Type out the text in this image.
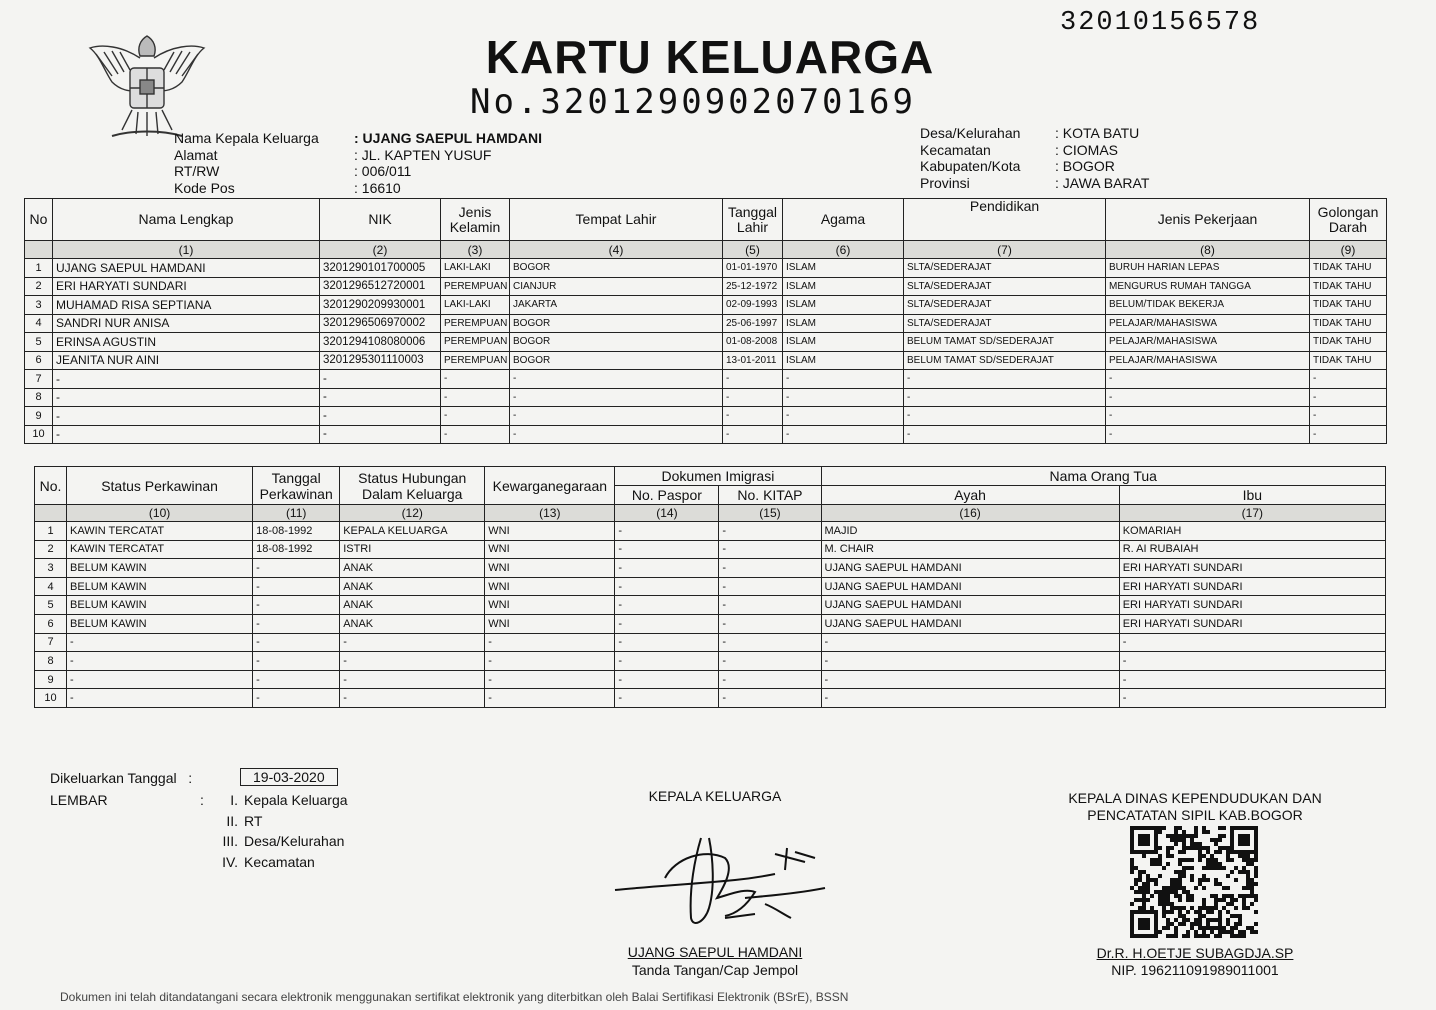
32010156578
KARTU KELUARGA
No.3201290902070169
Nama Kepala Keluarga	: UJANG SAEPUL HAMDANI
Alamat	: JL. KAPTEN YUSUF
RT/RW	: 006/011
Kode Pos	: 16610
Desa/Kelurahan	: KOTA BATU
Kecamatan	: CIOMAS
Kabupaten/Kota	: BOGOR
Provinsi	: JAWA BARAT
No	Nama Lengkap	NIK	Jenis Kelamin	Tempat Lahir	Tanggal Lahir	Agama	Pendidikan	Jenis Pekerjaan	Golongan Darah
	(1)	(2)	(3)	(4)	(5)	(6)	(7)	(8)	(9)
1	UJANG SAEPUL HAMDANI	3201290101700005	LAKI-LAKI	BOGOR	01-01-1970	ISLAM	SLTA/SEDERAJAT	BURUH HARIAN LEPAS	TIDAK TAHU
2	ERI HARYATI SUNDARI	3201296512720001	PEREMPUAN	CIANJUR	25-12-1972	ISLAM	SLTA/SEDERAJAT	MENGURUS RUMAH TANGGA	TIDAK TAHU
3	MUHAMAD RISA SEPTIANA	3201290209930001	LAKI-LAKI	JAKARTA	02-09-1993	ISLAM	SLTA/SEDERAJAT	BELUM/TIDAK BEKERJA	TIDAK TAHU
4	SANDRI NUR ANISA	3201296506970002	PEREMPUAN	BOGOR	25-06-1997	ISLAM	SLTA/SEDERAJAT	PELAJAR/MAHASISWA	TIDAK TAHU
5	ERINSA AGUSTIN	3201294108080006	PEREMPUAN	BOGOR	01-08-2008	ISLAM	BELUM TAMAT SD/SEDERAJAT	PELAJAR/MAHASISWA	TIDAK TAHU
6	JEANITA NUR AINI	3201295301110003	PEREMPUAN	BOGOR	13-01-2011	ISLAM	BELUM TAMAT SD/SEDERAJAT	PELAJAR/MAHASISWA	TIDAK TAHU
7	-	-	-	-	-	-	-	-	-
8	-	-	-	-	-	-	-	-	-
9	-	-	-	-	-	-	-	-	-
10	-	-	-	-	-	-	-	-	-
No.	Status Perkawinan	Tanggal Perkawinan	Status Hubungan Dalam Keluarga	Kewarganegaraan	Dokumen Imigrasi		Nama Orang Tua	
					No. Paspor	No. KITAP	Ayah	Ibu
	(10)	(11)	(12)	(13)	(14)	(15)	(16)	(17)
1	KAWIN TERCATAT	18-08-1992	KEPALA KELUARGA	WNI	-	-	MAJID	KOMARIAH
2	KAWIN TERCATAT	18-08-1992	ISTRI	WNI	-	-	M. CHAIR	R. AI RUBAIAH
3	BELUM KAWIN	-	ANAK	WNI	-	-	UJANG SAEPUL HAMDANI	ERI HARYATI SUNDARI
4	BELUM KAWIN	-	ANAK	WNI	-	-	UJANG SAEPUL HAMDANI	ERI HARYATI SUNDARI
5	BELUM KAWIN	-	ANAK	WNI	-	-	UJANG SAEPUL HAMDANI	ERI HARYATI SUNDARI
6	BELUM KAWIN	-	ANAK	WNI	-	-	UJANG SAEPUL HAMDANI	ERI HARYATI SUNDARI
7	-	-	-	-	-	-	-	-
8	-	-	-	-	-	-	-	-
9	-	-	-	-	-	-	-	-
10	-	-	-	-	-	-	-	-
Dikeluarkan Tanggal :	19-03-2020
LEMBAR	I. Kepala Keluarga
II. RT
III. Desa/Kelurahan
IV. Kecamatan
:	KEPALA KELUARGA
UJANG SAEPUL HAMDANI
Tanda Tangan/Cap Jempol
KEPALA DINAS KEPENDUDUKAN DAN
PENCATATAN SIPIL KAB.BOGOR
Dr.R. H.OETJE SUBAGDJA.SP
NIP. 196211091989011001
Dokumen ini telah ditandatangani secara elektronik menggunakan sertifikat elektronik yang diterbitkan oleh Balai Sertifikasi Elektronik (BSrE), BSSN
